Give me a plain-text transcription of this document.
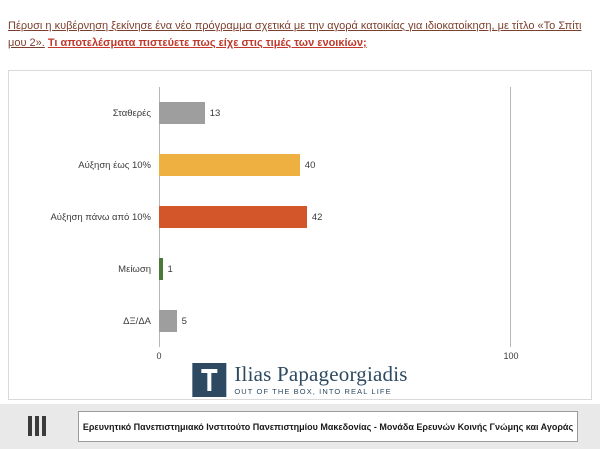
Πέρυσι η κυβέρνηση ξεκίνησε ένα νέο πρόγραμμα σχετικά με την αγορά κατοικίας για ιδιοκατοίκηση, με τίτλο «Το Σπίτι μου 2». Τι αποτελέσματα πιστεύετε πως είχε στις τιμές των ενοικίων;
Σταθερές	13
Αύξηση έως 10%	40
Αύξηση πάνω από 10%	42
Μείωση	1
ΔΞ/ΔΑ	5
0	100
Ilias Papageorgiadis
OUT OF THE BOX, INTO REAL LIFE
Ερευνητικό Πανεπιστημιακό Ινστιτούτο Πανεπιστημίου Μακεδονίας - Μονάδα Ερευνών Κοινής Γνώμης και Αγοράς
